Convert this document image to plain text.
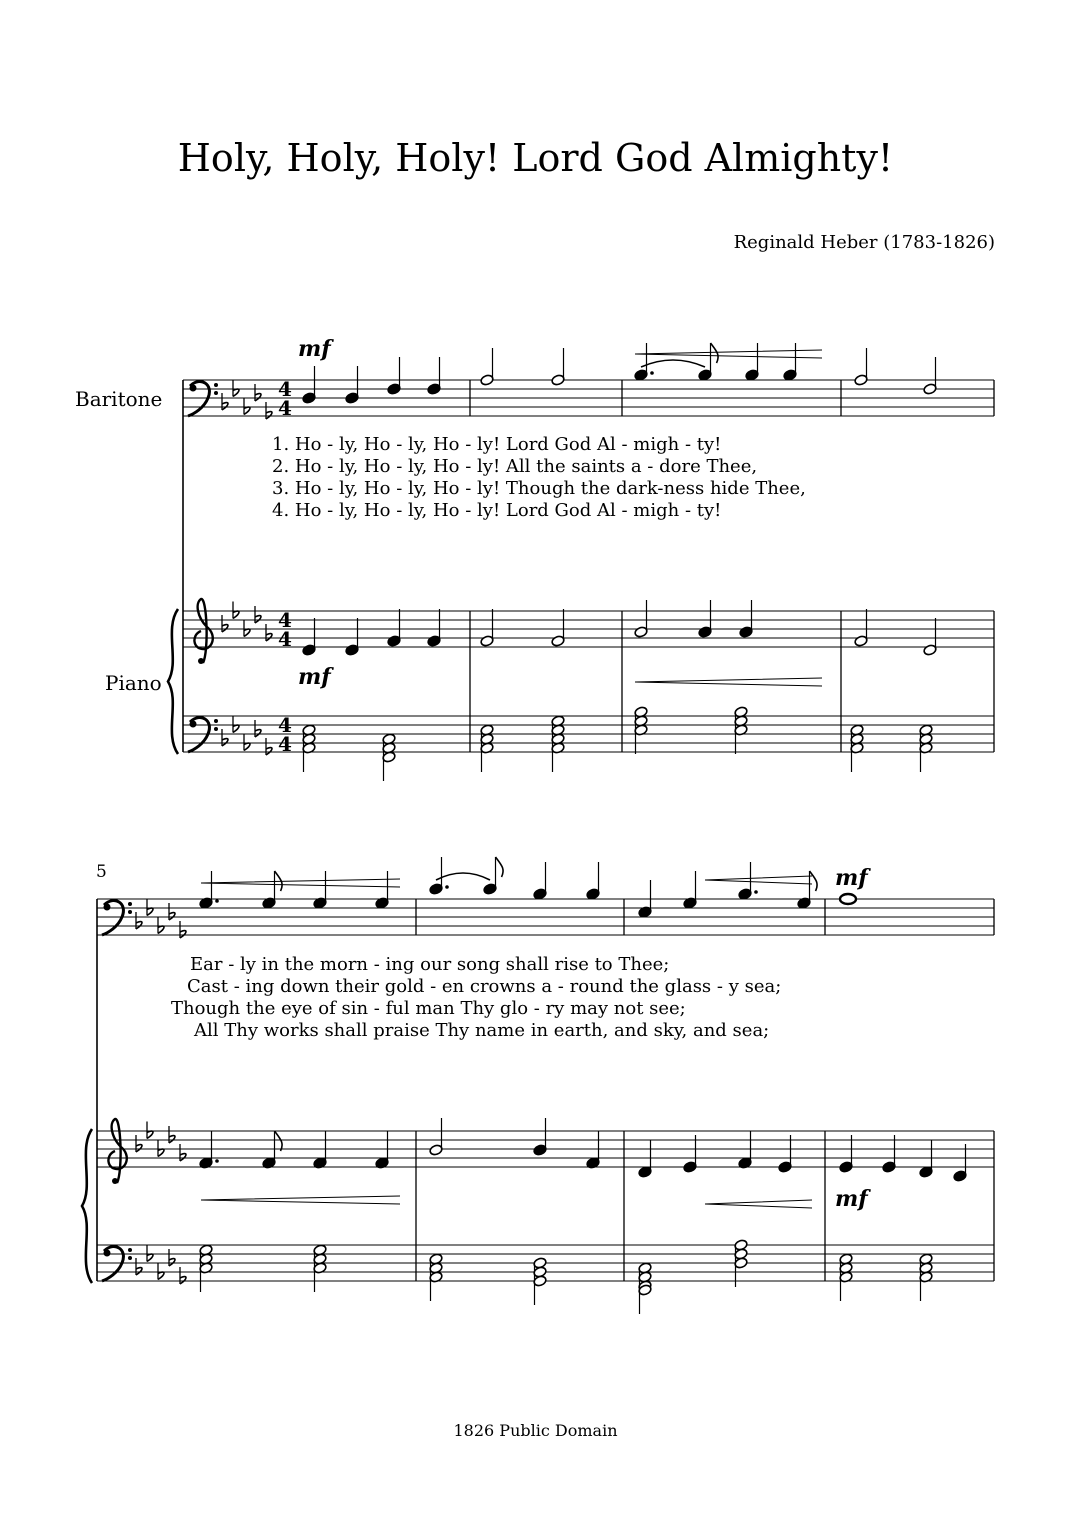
Holy, Holy, Holy! Lord God Almighty!
Reginald Heber (1783-1826)
1826 Public Domain
Baritone
Piano
5
mf
mf
mf
mf
1. Ho - ly, Ho - ly, Ho - ly! Lord God Al - migh - ty!
2. Ho - ly, Ho - ly, Ho - ly! All the saints a - dore Thee,
3. Ho - ly, Ho - ly, Ho - ly! Though the dark-ness hide Thee,
4. Ho - ly, Ho - ly, Ho - ly! Lord God Al - migh - ty!
Ear - ly in the morn - ing our song shall rise to Thee;
Cast - ing down their gold - en crowns a - round the glass - y sea;
Though the eye of sin - ful man Thy glo - ry may not see;
All Thy works shall praise Thy name in earth, and sky, and sea;
4
4
4
4
4
4
